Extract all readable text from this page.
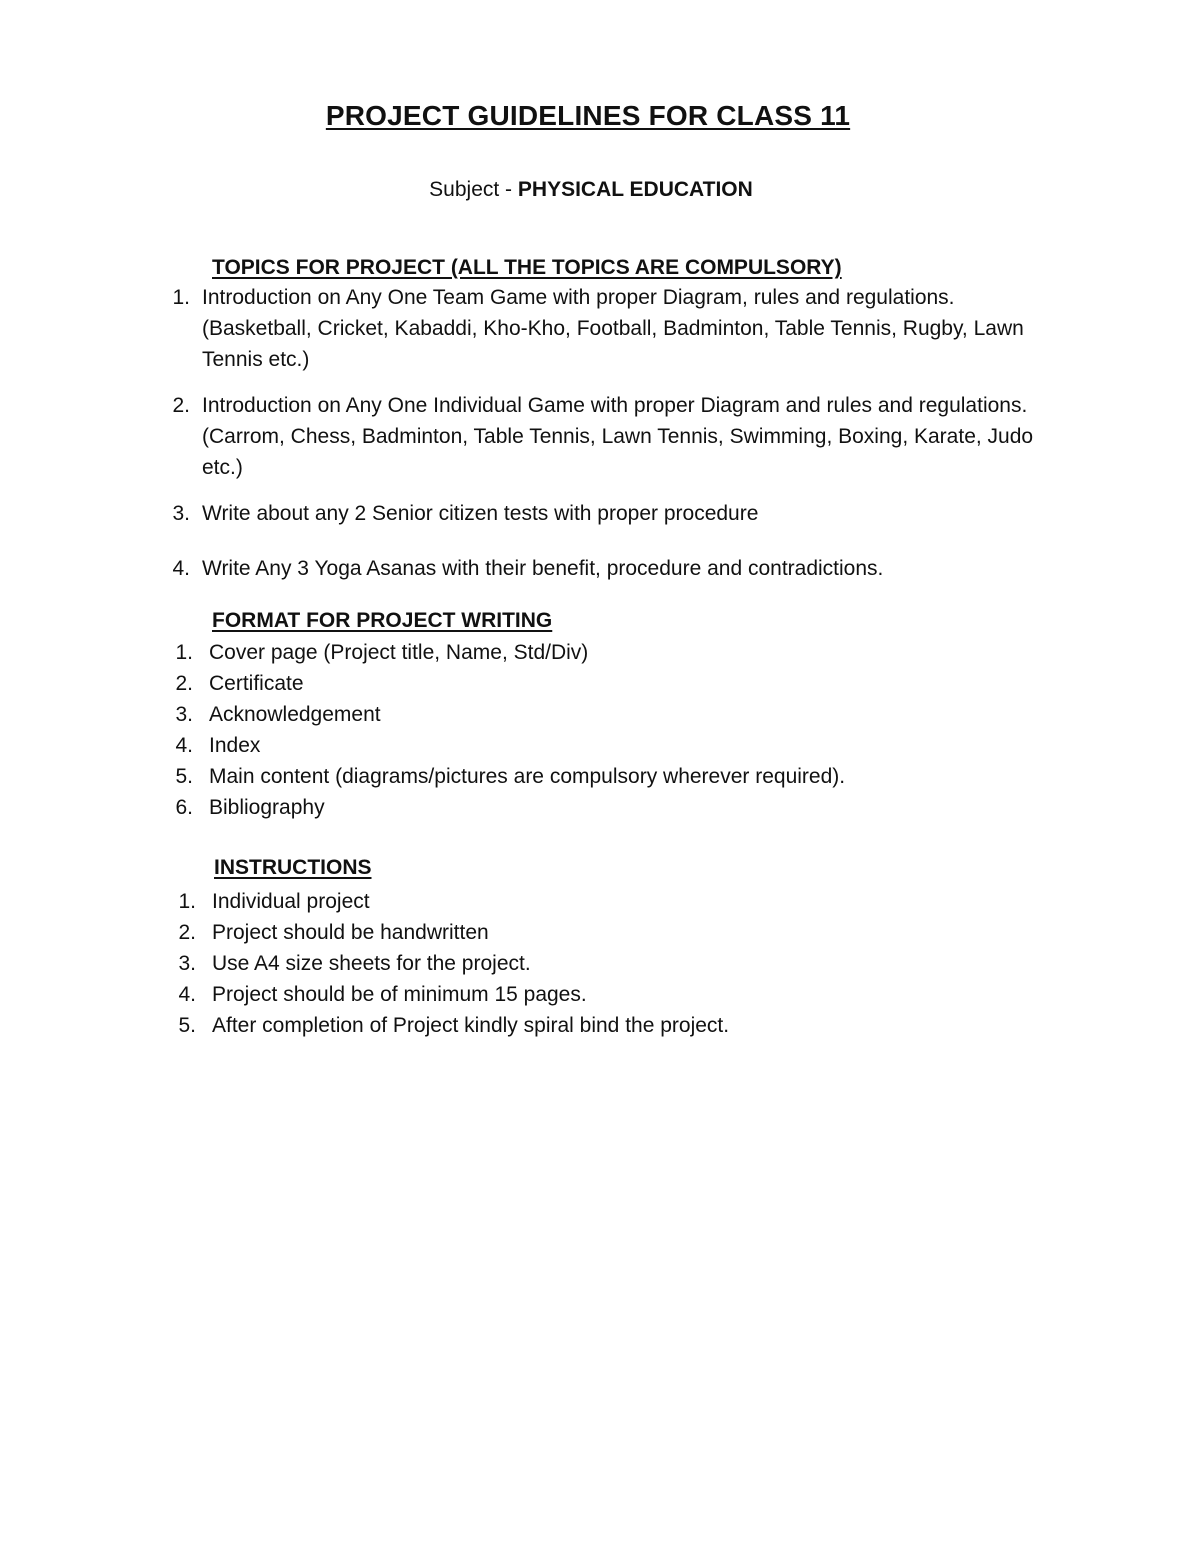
PROJECT GUIDELINES FOR CLASS 11
Subject - PHYSICAL EDUCATION
TOPICS FOR PROJECT (ALL THE TOPICS ARE COMPULSORY)
1. Introduction on Any One Team Game with proper Diagram, rules and regulations. (Basketball, Cricket, Kabaddi, Kho-Kho, Football, Badminton, Table Tennis, Rugby, Lawn Tennis etc.)
2. Introduction on Any One Individual Game with proper Diagram and rules and regulations. (Carrom, Chess, Badminton, Table Tennis, Lawn Tennis, Swimming, Boxing, Karate, Judo etc.)
3. Write about any 2 Senior citizen tests with proper procedure
4. Write Any 3 Yoga Asanas with their benefit, procedure and contradictions.
FORMAT FOR PROJECT WRITING
1. Cover page (Project title, Name, Std/Div)
2. Certificate
3. Acknowledgement
4. Index
5. Main content (diagrams/pictures are compulsory wherever required).
6. Bibliography
INSTRUCTIONS
1. Individual project
2. Project should be handwritten
3. Use A4 size sheets for the project.
4. Project should be of minimum 15 pages.
5. After completion of Project kindly spiral bind the project.
